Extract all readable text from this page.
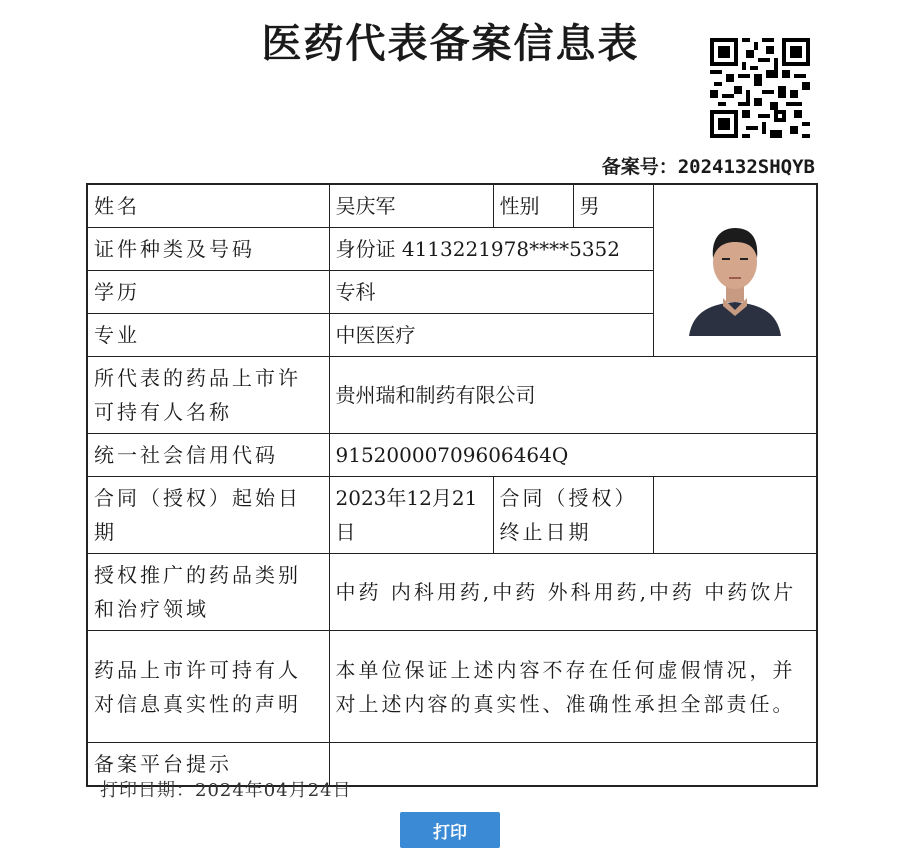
医药代表备案信息表
备案号：2024132SHQYB
姓名	吴庆军	性别	男	

证件种类及号码	身份证 4113221978****5352			
学历	专科			
专业	中医医疗			
所代表的药品上市许可持有人名称	贵州瑞和制药有限公司			
统一社会信用代码	91520000709606464Q			
合同（授权）起始日期	2023年12月21日	合同（授权）终止日期		
授权推广的药品类别和治疗领域	中药 内科用药,中药 外科用药,中药 中药饮片			
药品上市许可持有人对信息真实性的声明	本单位保证上述内容不存在任何虚假情况，并对上述内容的真实性、准确性承担全部责任。			
备案平台提示				
打印日期：2024年04月24日
打印
